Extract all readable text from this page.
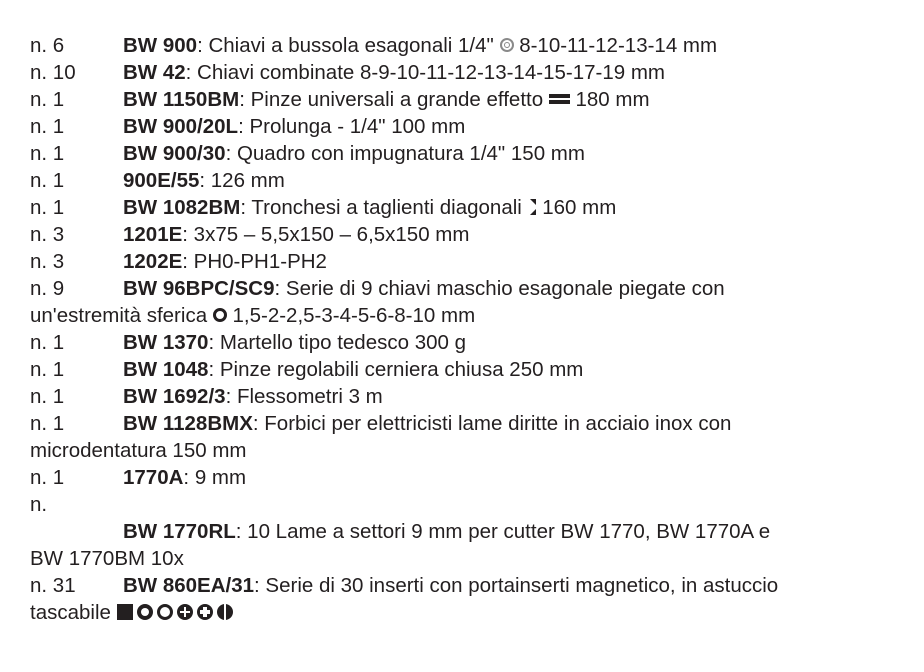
n. 6	BW 900: Chiavi a bussola esagonali 1/4"  8-10-11-12-13-14 mm
n. 10 BW 42: Chiavi combinate 8-9-10-11-12-13-14-15-17-19 mm
n. 1	BW 1150BM: Pinze universali a grande effetto  180 mm
n. 1	BW 900/20L: Prolunga - 1/4" 100 mm
n. 1	BW 900/30: Quadro con impugnatura 1/4" 150 mm
n. 1	900E/55: 126 mm
n. 1	BW 1082BM: Tronchesi a taglienti diagonali  160 mm
n. 3	1201E: 3x75 – 5,5x150 – 6,5x150 mm
n. 3	1202E: PH0-PH1-PH2
n. 9	BW 96BPC/SC9: Serie di 9 chiavi maschio esagonale piegate con
un'estremità sferica  1,5-2-2,5-3-4-5-6-8-10 mm
n. 1	BW 1370: Martello tipo tedesco 300 g
n. 1	BW 1048: Pinze regolabili cerniera chiusa 250 mm
n. 1	BW 1692/3: Flessometri 3 m
n. 1	BW 1128BMX: Forbici per elettricisti lame diritte in acciaio inox con
microdentatura 150 mm
n. 1	1770A: 9 mm
n.
BW 1770RL: 10 Lame a settori 9 mm per cutter BW 1770, BW 1770A e
BW 1770BM 10x
n. 31 BW 860EA/31: Serie di 30 inserti con portainserti magnetico, in astuccio
tascabile
